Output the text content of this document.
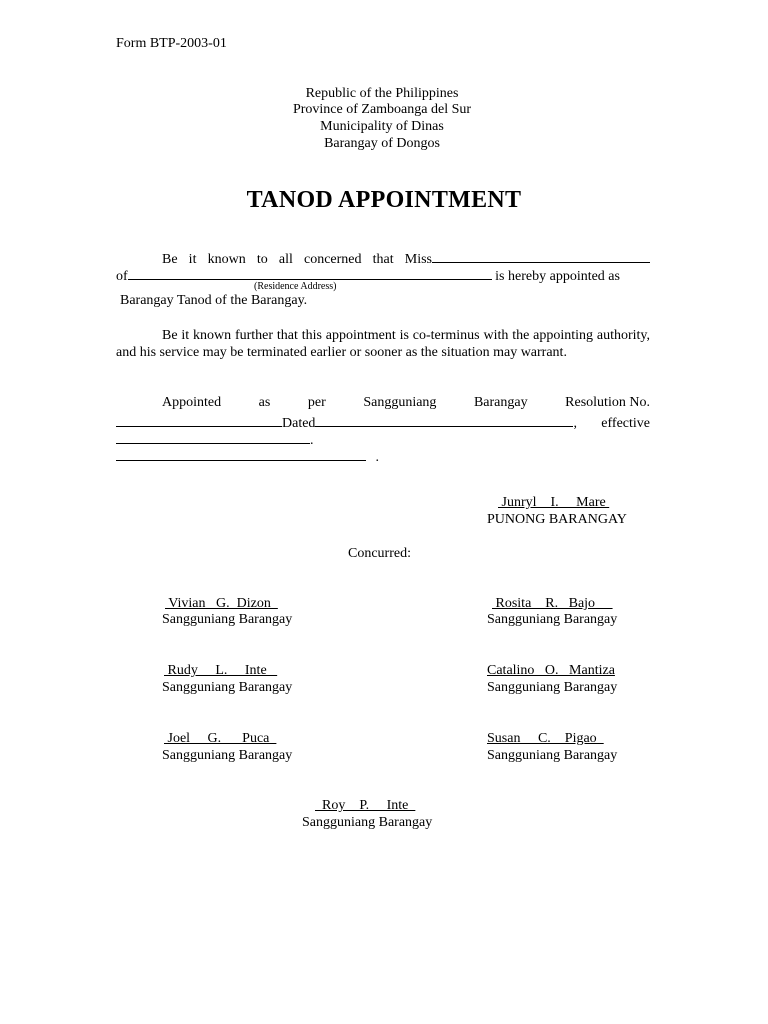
Form BTP-2003-01
Republic of the Philippines
Province of Zamboanga del Sur
Municipality of Dinas
Barangay of Dongos
TANOD APPOINTMENT
Be it known to all concerned that Miss
of	is hereby appointed as
(Residence Address)
Barangay Tanod of the Barangay.
Be it known further that this appointment is co-terminus with the appointing authority, and his service may be terminated earlier or sooner as the situation may warrant.
Appointed	as	per	Sangguniang	Barangay	Resolution No.
Dated	,	effective
.
.
Junryl    I.     Mare
PUNONG BARANGAY
Concurred:
Vivian   G.  Dizon
Sangguniang Barangay
Rosita    R.   Bajo
Sangguniang Barangay
Rudy     L.     Inte
Sangguniang Barangay
Catalino   O.   Mantiza
Sangguniang Barangay
Joel     G.      Puca
Sangguniang Barangay
Susan     C.    Pigao
Sangguniang Barangay
Roy    P.     Inte
Sangguniang Barangay
